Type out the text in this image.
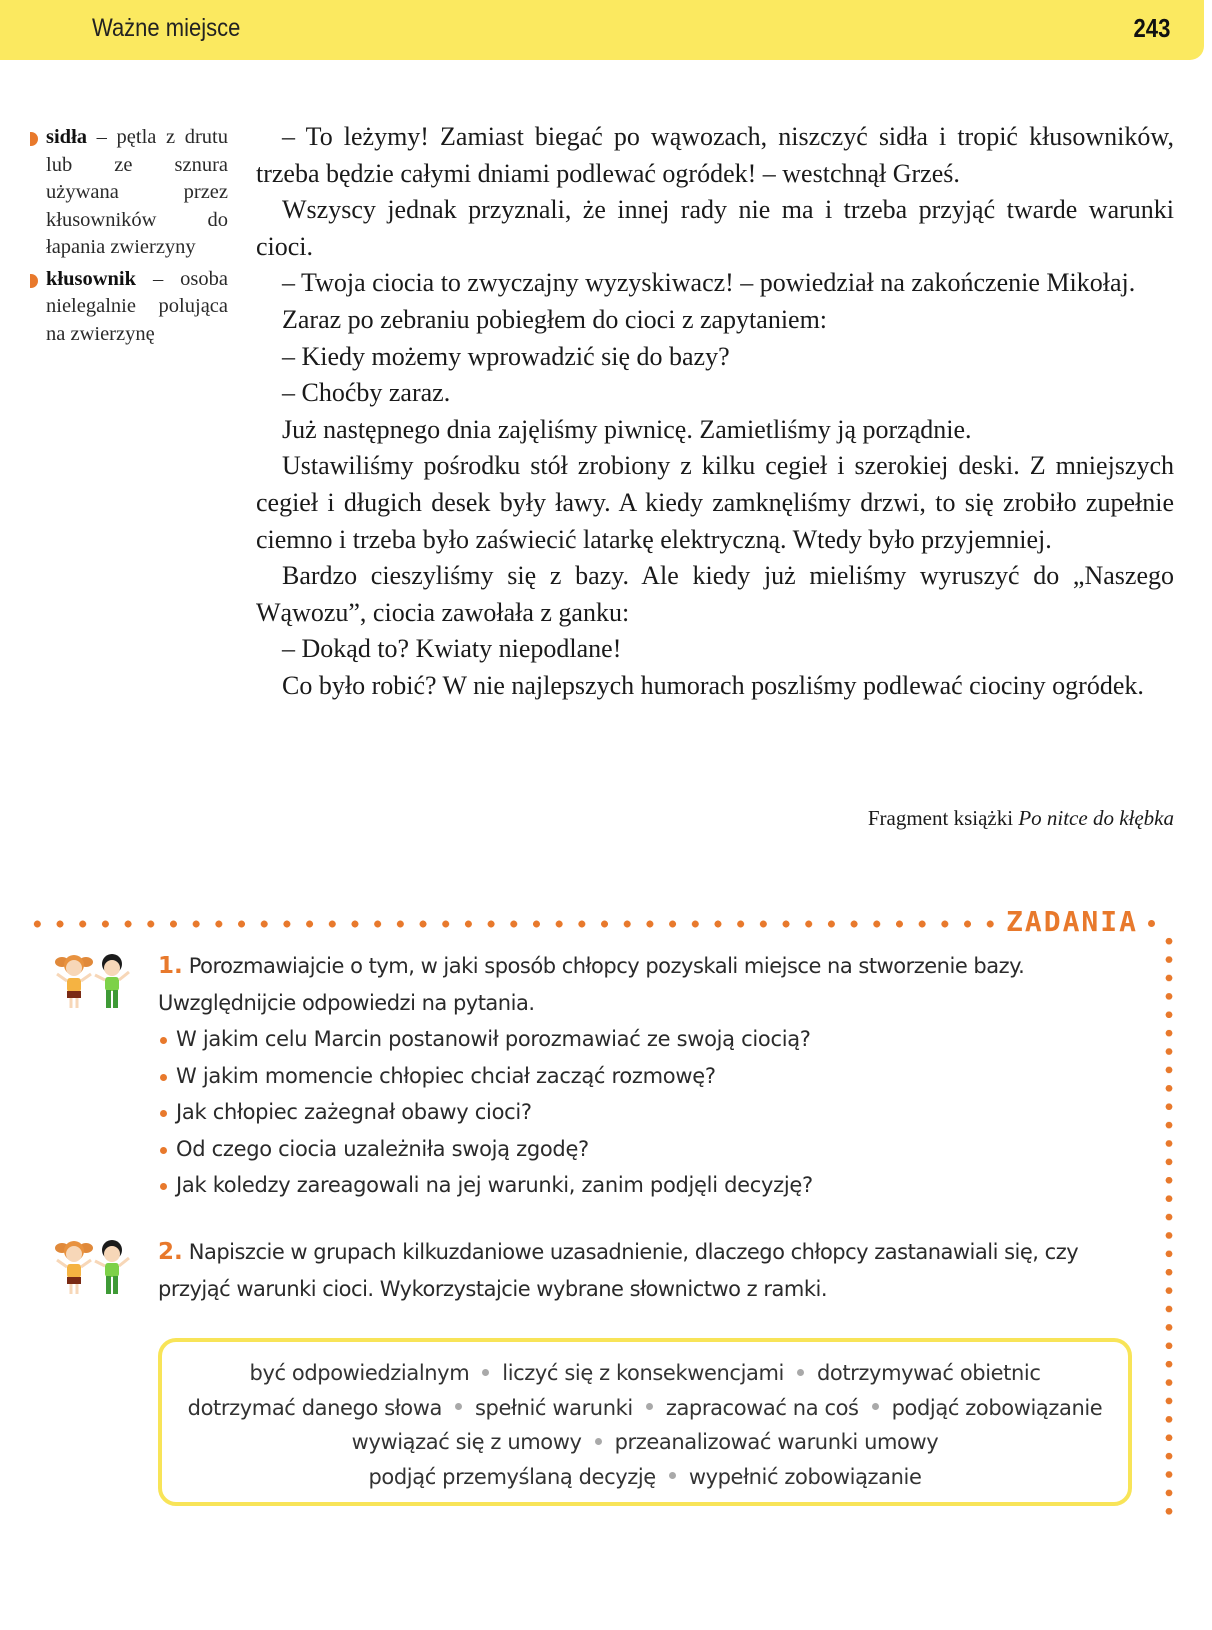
Ważne miejsce	243
sidła – pętla z drutu lub ze sznura używana przez kłusowników do łapania zwierzyny
kłusownik – osoba nielegalnie polująca na zwierzynę

– To leżymy! Zamiast biegać po wąwozach, niszczyć sidła i tropić kłusowników, trzeba będzie całymi dniami podlewać ogródek! – westchnął Grześ.

Wszyscy jednak przyznali, że innej rady nie ma i trzeba przyjąć twarde warunki cioci.

– Twoja ciocia to zwyczajny wyzyskiwacz! – powiedział na zakończenie Mikołaj.

Zaraz po zebraniu pobiegłem do cioci z zapytaniem:

– Kiedy możemy wprowadzić się do bazy?

– Choćby zaraz.

Już następnego dnia zajęliśmy piwnicę. Zamietliśmy ją porządnie.

Ustawiliśmy pośrodku stół zrobiony z kilku cegieł i szerokiej deski. Z mniejszych cegieł i długich desek były ławy. A kiedy zamknęliśmy drzwi, to się zrobiło zupełnie ciemno i trzeba było zaświecić latarkę elektryczną. Wtedy było przyjemniej.

Bardzo cieszyliśmy się z bazy. Ale kiedy już mieliśmy wyruszyć do „Naszego Wąwozu”, ciocia zawołała z ganku:

– Dokąd to? Kwiaty niepodlane!

Co było robić? W nie najlepszych humorach poszliśmy podlewać ciociny ogródek.

Fragment książki Po nitce do kłębka
ZADANIA
1. Porozmawiajcie o tym, w jaki sposób chłopcy pozyskali miejsce na stworzenie bazy. Uwzględnijcie odpowiedzi na pytania.
W jakim celu Marcin postanowił porozmawiać ze swoją ciocią?
W jakim momencie chłopiec chciał zacząć rozmowę?
Jak chłopiec zażegnał obawy cioci?
Od czego ciocia uzależniła swoją zgodę?
Jak koledzy zareagowali na jej warunki, zanim podjęli decyzję?
2. Napiszcie w grupach kilkuzdaniowe uzasadnienie, dlaczego chłopcy zastanawiali się, czy przyjąć warunki cioci. Wykorzystajcie wybrane słownictwo z ramki.
być odpowiedzialnym liczyć się z konsekwencjami dotrzymywać obietnic
dotrzymać danego słowa spełnić warunki zapracować na coś podjąć zobowiązanie
wywiązać się z umowy przeanalizować warunki umowy
podjąć przemyślaną decyzję wypełnić zobowiązanie
